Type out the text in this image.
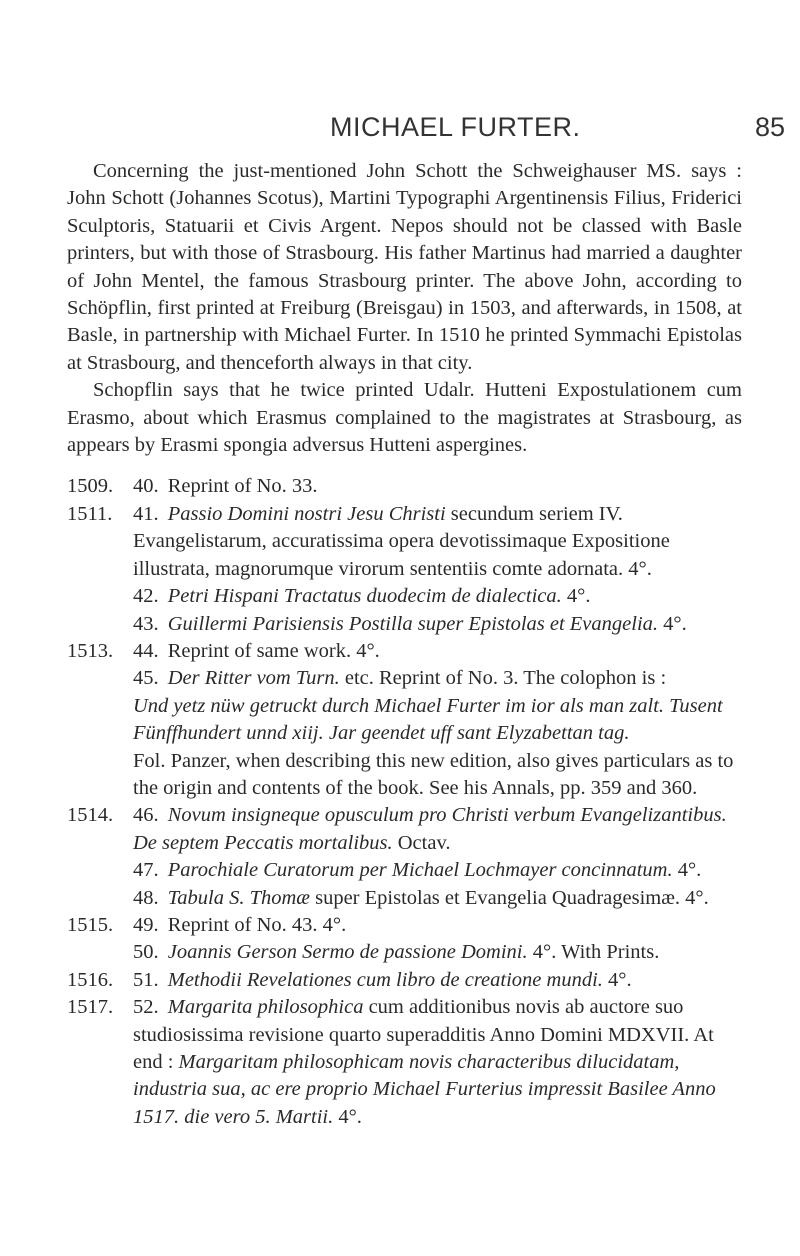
MICHAEL FURTER.	85

Concerning the just-mentioned John Schott the Schweighauser MS. says : John Schott (Johannes Scotus), Martini Typographi Argentinensis Filius, Friderici Sculptoris, Statuarii et Civis Argent. Nepos should not be classed with Basle printers, but with those of Strasbourg. His father Martinus had married a daughter of John Mentel, the famous Strasbourg printer. The above John, according to Schöpflin, first printed at Freiburg (Breisgau) in 1503, and afterwards, in 1508, at Basle, in partnership with Michael Furter. In 1510 he printed Symmachi Epistolas at Strasbourg, and thenceforth always in that city.

Schopflin says that he twice printed Udalr. Hutteni Expostulationem cum Erasmo, about which Erasmus complained to the magistrates at Strasbourg, as appears by Erasmi spongia adversus Hutteni aspergines.

1509. 40. Reprint of No. 33.
1511.	41. Passio Domini nostri Jesu Christi secundum seriem IV. Evangelistarum, accuratissima opera devotissimaque Expositione illustrata, magnorumque virorum sententiis comte adornata. 4°.
42. Petri Hispani Tractatus duodecim de dialectica. 4°.
43. Guillermi Parisiensis Postilla super Epistolas et Evangelia. 4°.
1513. 44. Reprint of same work. 4°.
45. Der Ritter vom Turn. etc. Reprint of No. 3. The colophon is :
Und yetz nüw getruckt durch Michael Furter im ior als man zalt. Tusent Fünffhundert unnd xiij. Jar geendet uff sant Elyzabettan tag.
Fol. Panzer, when describing this new edition, also gives particulars as to the origin and contents of the book. See his Annals, pp. 359 and 360.
1514. 46. Novum insigneque opusculum pro Christi verbum Evangelizantibus.
De septem Peccatis mortalibus. Octav.
47. Parochiale Curatorum per Michael Lochmayer concinnatum. 4°.
48. Tabula S. Thomæ super Epistolas et Evangelia Quadragesimæ. 4°.
1515. 49. Reprint of No. 43. 4°.
50. Joannis Gerson Sermo de passione Domini. 4°. With Prints.
1516. 51. Methodii Revelationes cum libro de creatione mundi. 4°.
1517. 52. Margarita philosophica cum additionibus novis ab auctore suo studiosissima revisione quarto superadditis Anno Domini MDXVII. At end : Margaritam philosophicam novis characteribus dilucidatam, industria sua, ac ere proprio Michael Furterius impressit Basilee Anno 1517. die vero 5. Martii. 4°.
